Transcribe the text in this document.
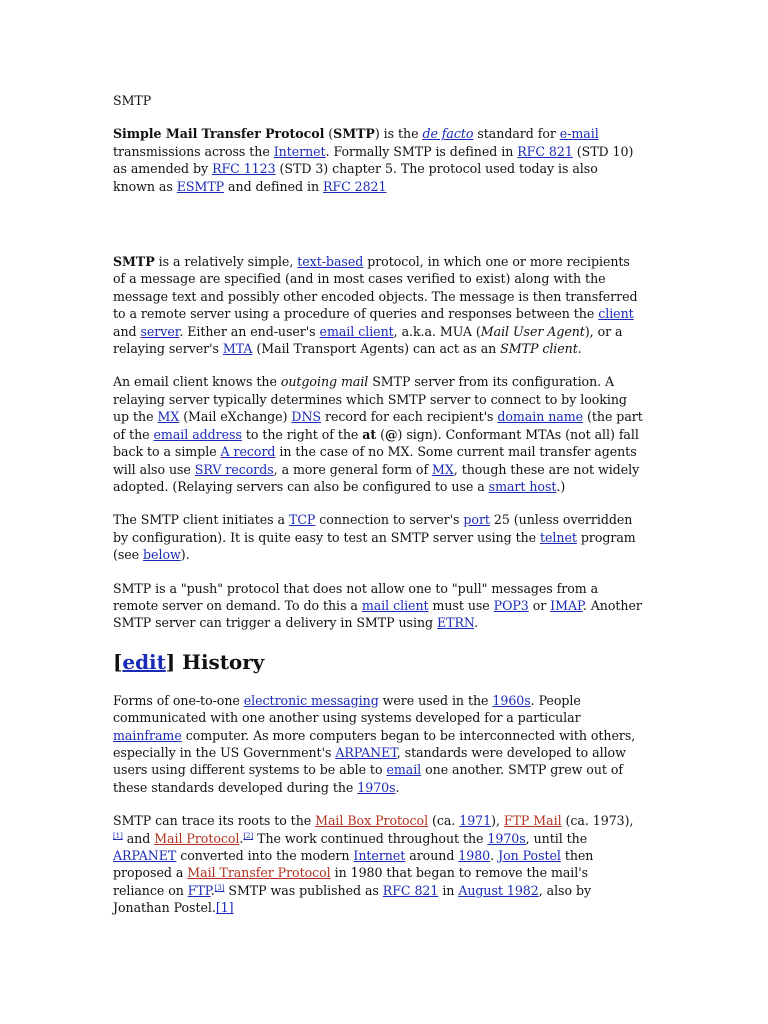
SMTP

Simple Mail Transfer Protocol (SMTP) is the de facto standard for e-mail transmissions across the Internet. Formally SMTP is defined in RFC 821 (STD 10) as amended by RFC 1123 (STD 3) chapter 5. The protocol used today is also known as ESMTP and defined in RFC 2821

SMTP is a relatively simple, text-based protocol, in which one or more recipients of a message are specified (and in most cases verified to exist) along with the message text and possibly other encoded objects. The message is then transferred to a remote server using a procedure of queries and responses between the client and server. Either an end-user's email client, a.k.a. MUA (Mail User Agent), or a relaying server's MTA (Mail Transport Agents) can act as an SMTP client.

An email client knows the outgoing mail SMTP server from its configuration. A relaying server typically determines which SMTP server to connect to by looking up the MX (Mail eXchange) DNS record for each recipient's domain name (the part of the email address to the right of the at (@) sign). Conformant MTAs (not all) fall back to a simple A record in the case of no MX. Some current mail transfer agents will also use SRV records, a more general form of MX, though these are not widely adopted. (Relaying servers can also be configured to use a smart host.)

The SMTP client initiates a TCP connection to server's port 25 (unless overridden by configuration). It is quite easy to test an SMTP server using the telnet program (see below).

SMTP is a "push" protocol that does not allow one to "pull" messages from a remote server on demand. To do this a mail client must use POP3 or IMAP. Another SMTP server can trigger a delivery in SMTP using ETRN.

[edit] History

Forms of one-to-one electronic messaging were used in the 1960s. People communicated with one another using systems developed for a particular mainframe computer. As more computers began to be interconnected with others, especially in the US Government's ARPANET, standards were developed to allow users using different systems to be able to email one another. SMTP grew out of these standards developed during the 1970s.

SMTP can trace its roots to the Mail Box Protocol (ca. 1971), FTP Mail (ca. 1973),[1] and Mail Protocol.[2] The work continued throughout the 1970s, until the ARPANET converted into the modern Internet around 1980. Jon Postel then proposed a Mail Transfer Protocol in 1980 that began to remove the mail's reliance on FTP.[3] SMTP was published as RFC 821 in August 1982, also by Jonathan Postel.[1]
